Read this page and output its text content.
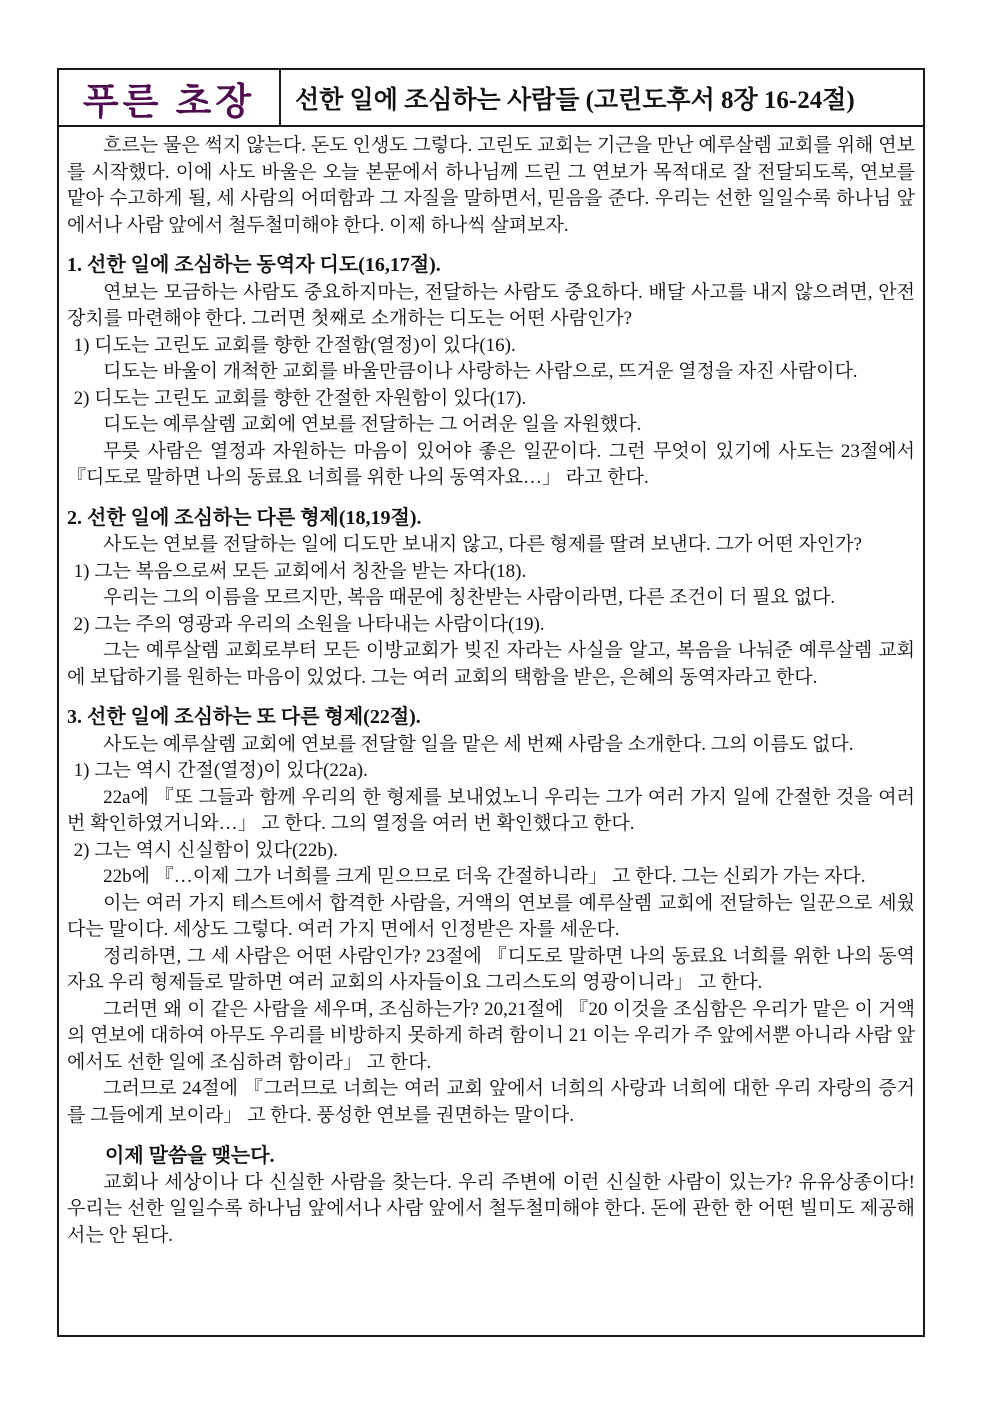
푸른 초장 선한 일에 조심하는 사람들 (고린도후서 8장 16-24절)

흐르는 물은 썩지 않는다. 돈도 인생도 그렇다. 고린도 교회는 기근을 만난 예루살렘 교회를 위해 연보를 시작했다. 이에 사도 바울은 오늘 본문에서 하나님께 드린 그 연보가 목적대로 잘 전달되도록, 연보를 맡아 수고하게 될, 세 사람의 어떠함과 그 자질을 말하면서, 믿음을 준다. 우리는 선한 일일수록 하나님 앞에서나 사람 앞에서 철두철미해야 한다. 이제 하나씩 살펴보자.

1. 선한 일에 조심하는 동역자 디도(16,17절).

연보는 모금하는 사람도 중요하지마는, 전달하는 사람도 중요하다. 배달 사고를 내지 않으려면, 안전장치를 마련해야 한다. 그러면 첫째로 소개하는 디도는 어떤 사람인가?

1) 디도는 고린도 교회를 향한 간절함(열정)이 있다(16).

디도는 바울이 개척한 교회를 바울만큼이나 사랑하는 사람으로, 뜨거운 열정을 자진 사람이다.

2) 디도는 고린도 교회를 향한 간절한 자원함이 있다(17).

디도는 예루살렘 교회에 연보를 전달하는 그 어려운 일을 자원했다.

무릇 사람은 열정과 자원하는 마음이 있어야 좋은 일꾼이다. 그런 무엇이 있기에 사도는 23절에서 『디도로 말하면 나의 동료요 너희를 위한 나의 동역자요…」 라고 한다.

2. 선한 일에 조심하는 다른 형제(18,19절).

사도는 연보를 전달하는 일에 디도만 보내지 않고, 다른 형제를 딸려 보낸다. 그가 어떤 자인가?

1) 그는 복음으로써 모든 교회에서 칭찬을 받는 자다(18).

우리는 그의 이름을 모르지만, 복음 때문에 칭찬받는 사람이라면, 다른 조건이 더 필요 없다.

2) 그는 주의 영광과 우리의 소원을 나타내는 사람이다(19).

그는 예루살렘 교회로부터 모든 이방교회가 빚진 자라는 사실을 알고, 복음을 나눠준 예루살렘 교회에 보답하기를 원하는 마음이 있었다. 그는 여러 교회의 택함을 받은, 은혜의 동역자라고 한다.

3. 선한 일에 조심하는 또 다른 형제(22절).

사도는 예루살렘 교회에 연보를 전달할 일을 맡은 세 번째 사람을 소개한다. 그의 이름도 없다.

1) 그는 역시 간절(열정)이 있다(22a).

22a에 『또 그들과 함께 우리의 한 형제를 보내었노니 우리는 그가 여러 가지 일에 간절한 것을 여러 번 확인하였거니와…」 고 한다. 그의 열정을 여러 번 확인했다고 한다.

2) 그는 역시 신실함이 있다(22b).

22b에 『…이제 그가 너희를 크게 믿으므로 더욱 간절하니라」 고 한다. 그는 신뢰가 가는 자다.

이는 여러 가지 테스트에서 합격한 사람을, 거액의 연보를 예루살렘 교회에 전달하는 일꾼으로 세웠다는 말이다. 세상도 그렇다. 여러 가지 면에서 인정받은 자를 세운다.

정리하면, 그 세 사람은 어떤 사람인가? 23절에 『디도로 말하면 나의 동료요 너희를 위한 나의 동역자요 우리 형제들로 말하면 여러 교회의 사자들이요 그리스도의 영광이니라」 고 한다.

그러면 왜 이 같은 사람을 세우며, 조심하는가? 20,21절에 『20 이것을 조심함은 우리가 맡은 이 거액의 연보에 대하여 아무도 우리를 비방하지 못하게 하려 함이니 21 이는 우리가 주 앞에서뿐 아니라 사람 앞에서도 선한 일에 조심하려 함이라」 고 한다.

그러므로 24절에 『그러므로 너희는 여러 교회 앞에서 너희의 사랑과 너희에 대한 우리 자랑의 증거를 그들에게 보이라」 고 한다. 풍성한 연보를 권면하는 말이다.

이제 말씀을 맺는다.

교회나 세상이나 다 신실한 사람을 찾는다. 우리 주변에 이런 신실한 사람이 있는가? 유유상종이다! 우리는 선한 일일수록 하나님 앞에서나 사람 앞에서 철두철미해야 한다. 돈에 관한 한 어떤 빌미도 제공해서는 안 된다.
